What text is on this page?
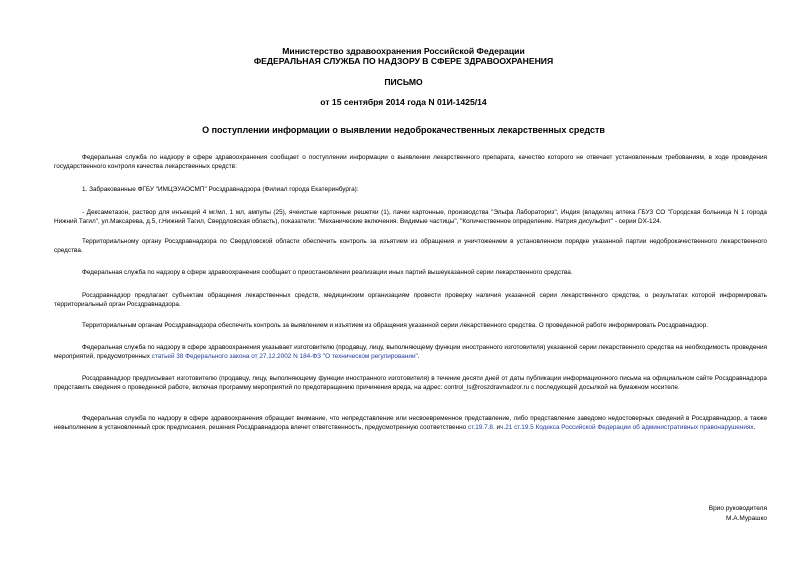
Министерство здравоохранения Российской Федерации
ФЕДЕРАЛЬНАЯ СЛУЖБА ПО НАДЗОРУ В СФЕРЕ ЗДРАВООХРАНЕНИЯ
ПИСЬМО
от 15 сентября 2014 года N 01И-1425/14
О поступлении информации о выявлении недоброкачественных лекарственных средств
Федеральная служба по надзору в сфере здравоохранения сообщает о поступлении информации о выявлении лекарственного препарата, качество которого не отвечает установленным требованиям, в ходе проведения государственного контроля качества лекарственных средств:
1. Забракованные ФГБУ "ИМЦЭУАОСМП" Росздравнадзора (Филиал города Екатеринбурга):
- Дексаметазон, раствор для инъекций 4 мг/мл, 1 мл, ампулы (25), ячеистые картонные решетки (1), пачки картонные, производства "Эльфа Лабораториз", Индия (владелец аптека ГБУЗ СО "Городская больница N 1 города Нижний Тагил", ул.Максарева, д.5, г.Нижний Тагил, Свердловская область), показатели: "Механические включения. Видимые частицы", "Количественное определение. Натрия дисульфит" - серии DX-124.
Территориальному органу Росздравнадзора по Свердловской области обеспечить контроль за изъятием из обращения и уничтожением в установленном порядке указанной партии недоброкачественного лекарственного средства.
Федеральная служба по надзору в сфере здравоохранения сообщает о приостановлении реализации иных партий вышеуказанной серии лекарственного средства.
Росздравнадзор предлагает субъектам обращения лекарственных средств, медицинским организациям провести проверку наличия указанной серии лекарственного средства, о результатах которой информировать территориальный орган Росздравнадзора.
Территориальным органам Росздравнадзора обеспечить контроль за выявлением и изъятием из обращения указанной серии лекарственного средства. О проведенной работе информировать Росздравнадзор.
Федеральная служба по надзору в сфере здравоохранения указывает изготовителю (продавцу, лицу, выполняющему функции иностранного изготовителя) указанной серии лекарственного средства на необходимость проведения мероприятий, предусмотренных статьей 38 Федерального закона от 27.12.2002 N 184-ФЗ "О техническом регулировании".
Росздравнадзор предписывает изготовителю (продавцу, лицу, выполняющему функции иностранного изготовителя) в течение десяти дней от даты публикации информационного письма на официальном сайте Росздравнадзора представить сведения о проведенной работе, включая программу мероприятий по предотвращению причинения вреда, на адрес: control_ls@roszdravnadzor.ru с последующей досылкой на бумажном носителе.
Федеральная служба по надзору в сфере здравоохранения обращает внимание, что непредставление или несвоевременное представление, либо представление заведомо недостоверных сведений в Росздравнадзор, а также невыполнение в установленный срок предписания, решения Росздравнадзора влечет ответственность, предусмотренную соответственно ст.19.7.8. ич.21 ст.19.5 Кодекса Российской Федерации об административных правонарушениях.
Врио руководителя
М.А.Мурашко
